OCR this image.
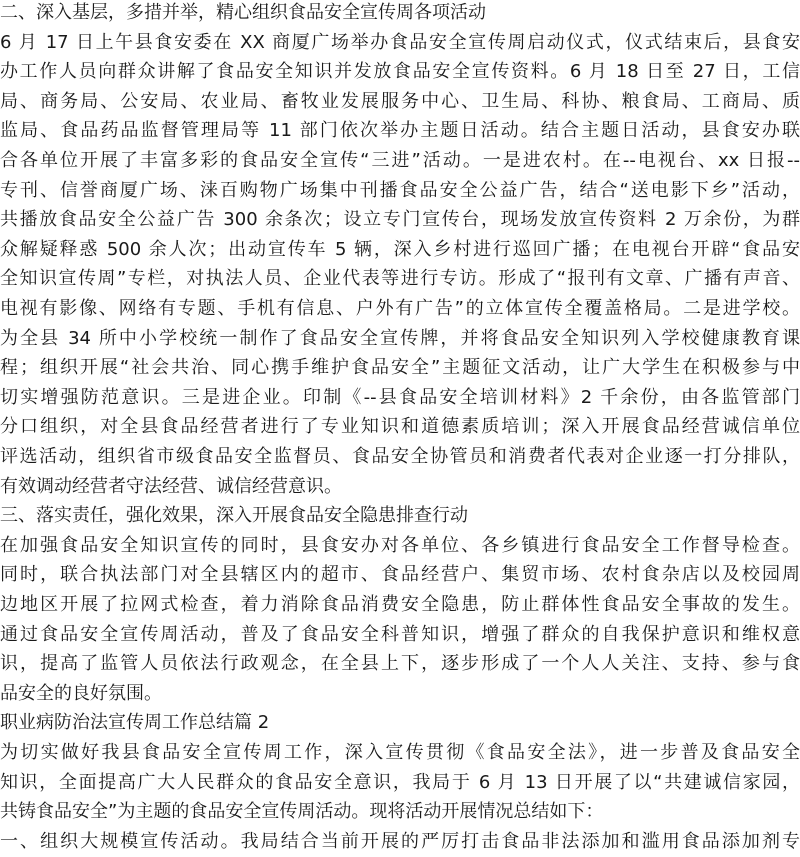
二、深入基层，多措并举，精心组织食品安全宣传周各项活动
6 月 17 日上午县食安委在 XX 商厦广场举办食品安全宣传周启动仪式，仪式结束后，县食安
办工作人员向群众讲解了食品安全知识并发放食品安全宣传资料。6 月 18 日至 27 日，工信
局、商务局、公安局、农业局、畜牧业发展服务中心、卫生局、科协、粮食局、工商局、质
监局、食品药品监督管理局等 11 部门依次举办主题日活动。结合主题日活动，县食安办联
合各单位开展了丰富多彩的食品安全宣传“三进”活动。一是进农村。在--电视台、xx 日报--
专刊、信誉商厦广场、涞百购物广场集中刊播食品安全公益广告，结合“送电影下乡”活动，
共播放食品安全公益广告 300 余条次；设立专门宣传台，现场发放宣传资料 2 万余份，为群
众解疑释惑 500 余人次；出动宣传车 5 辆，深入乡村进行巡回广播；在电视台开辟“食品安
全知识宣传周”专栏，对执法人员、企业代表等进行专访。形成了“报刊有文章、广播有声音、
电视有影像、网络有专题、手机有信息、户外有广告”的立体宣传全覆盖格局。二是进学校。
为全县 34 所中小学校统一制作了食品安全宣传牌，并将食品安全知识列入学校健康教育课
程；组织开展“社会共治、同心携手维护食品安全”主题征文活动，让广大学生在积极参与中
切实增强防范意识。三是进企业。印制《--县食品安全培训材料》2 千余份，由各监管部门
分口组织，对全县食品经营者进行了专业知识和道德素质培训；深入开展食品经营诚信单位
评选活动，组织省市级食品安全监督员、食品安全协管员和消费者代表对企业逐一打分排队，
有效调动经营者守法经营、诚信经营意识。
三、落实责任，强化效果，深入开展食品安全隐患排查行动
在加强食品安全知识宣传的同时，县食安办对各单位、各乡镇进行食品安全工作督导检查。
同时，联合执法部门对全县辖区内的超市、食品经营户、集贸市场、农村食杂店以及校园周
边地区开展了拉网式检查，着力消除食品消费安全隐患，防止群体性食品安全事故的发生。
通过食品安全宣传周活动，普及了食品安全科普知识，增强了群众的自我保护意识和维权意
识，提高了监管人员依法行政观念，在全县上下，逐步形成了一个人人关注、支持、参与食
品安全的良好氛围。
职业病防治法宣传周工作总结篇 2
为切实做好我县食品安全宣传周工作，深入宣传贯彻《食品安全法》，进一步普及食品安全
知识，全面提高广大人民群众的食品安全意识，我局于 6 月 13 日开展了以“共建诚信家园，
共铸食品安全”为主题的食品安全宣传周活动。现将活动开展情况总结如下：
一、组织大规模宣传活动。我局结合当前开展的严厉打击食品非法添加和滥用食品添加剂专
